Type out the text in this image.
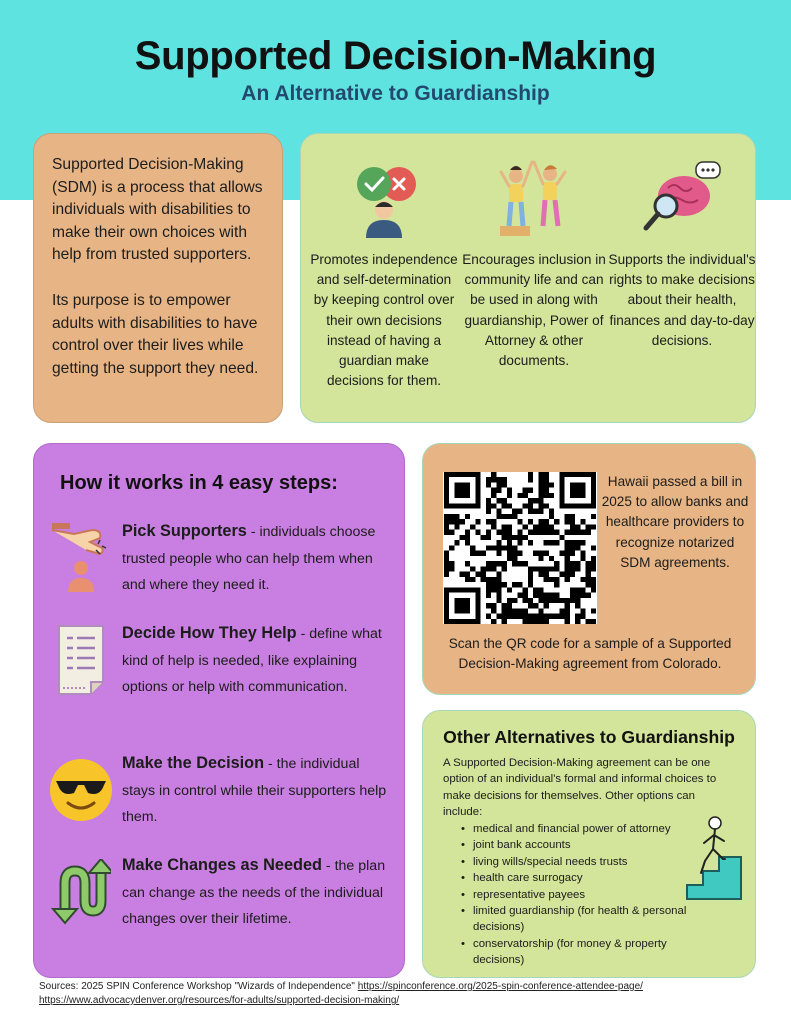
Supported Decision-Making
An Alternative to Guardianship

Supported Decision-Making (SDM) is a process that allows individuals with disabilities to make their own choices with help from trusted supporters.

Its purpose is to empower adults with disabilities to have control over their lives while getting the support they need.

Promotes independence and self-determination by keeping control over their own decisions instead of having a guardian make decisions for them.
Encourages inclusion in community life and can be used in along with guardianship, Power of Attorney & other documents.
Supports the individual's rights to make decisions about their health, finances and day-to-day decisions.
How it works in 4 easy steps:
Pick Supporters - individuals choose trusted people who can help them when and where they need it.
Decide How They Help - define what kind of help is needed, like explaining options or help with communication.
Make the Decision - the individual stays in control while their supporters help them.
Make Changes as Needed - the plan can change as the needs of the individual changes over their lifetime.
Hawaii passed a bill in 2025 to allow banks and healthcare providers to recognize notarized SDM agreements.
Scan the QR code for a sample of a Supported Decision-Making agreement from Colorado.
Other Alternatives to Guardianship
A Supported Decision-Making agreement can be one option of an individual's formal and informal choices to make decisions for themselves. Other options can include:
• medical and financial power of attorney
• joint bank accounts
• living wills/special needs trusts
• health care surrogacy
• representative payees
• limited guardianship (for health & personal decisions)
• conservatorship (for money & property decisions)
Sources: 2025 SPIN Conference Workshop "Wizards of Independence" https://spinconference.org/2025-spin-conference-attendee-page/
https://www.advocacydenver.org/resources/for-adults/supported-decision-making/
